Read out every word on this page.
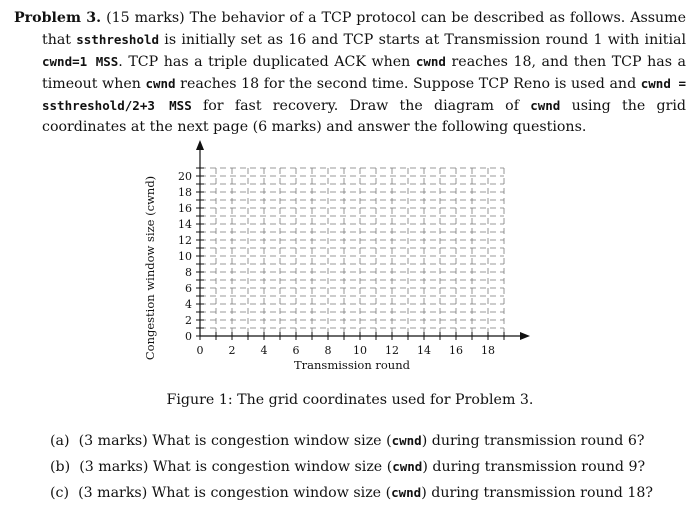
Problem 3. (15 marks) The behavior of a TCP protocol can be described as follows. Assume that ssthreshold is initially set as 16 and TCP starts at Transmission round 1 with initial cwnd=1 MSS. TCP has a triple duplicated ACK when cwnd reaches 18, and then TCP has a timeout when cwnd reaches 18 for the second time. Suppose TCP Reno is used and cwnd = ssthreshold/2+3 MSS for fast recovery. Draw the diagram of cwnd using the grid coordinates at the next page (6 marks) and answer the following questions.
0 2 4 6 8 10 12 14 16 18
0
2
4
6
8
10
12
14
16
18
20
Transmission round
Congestion window size (cwnd)
Figure 1: The grid coordinates used for Problem 3.
(a) (3 marks) What is congestion window size (cwnd) during transmission round 6?
(b) (3 marks) What is congestion window size (cwnd) during transmission round 9?
(c) (3 marks) What is congestion window size (cwnd) during transmission round 18?
